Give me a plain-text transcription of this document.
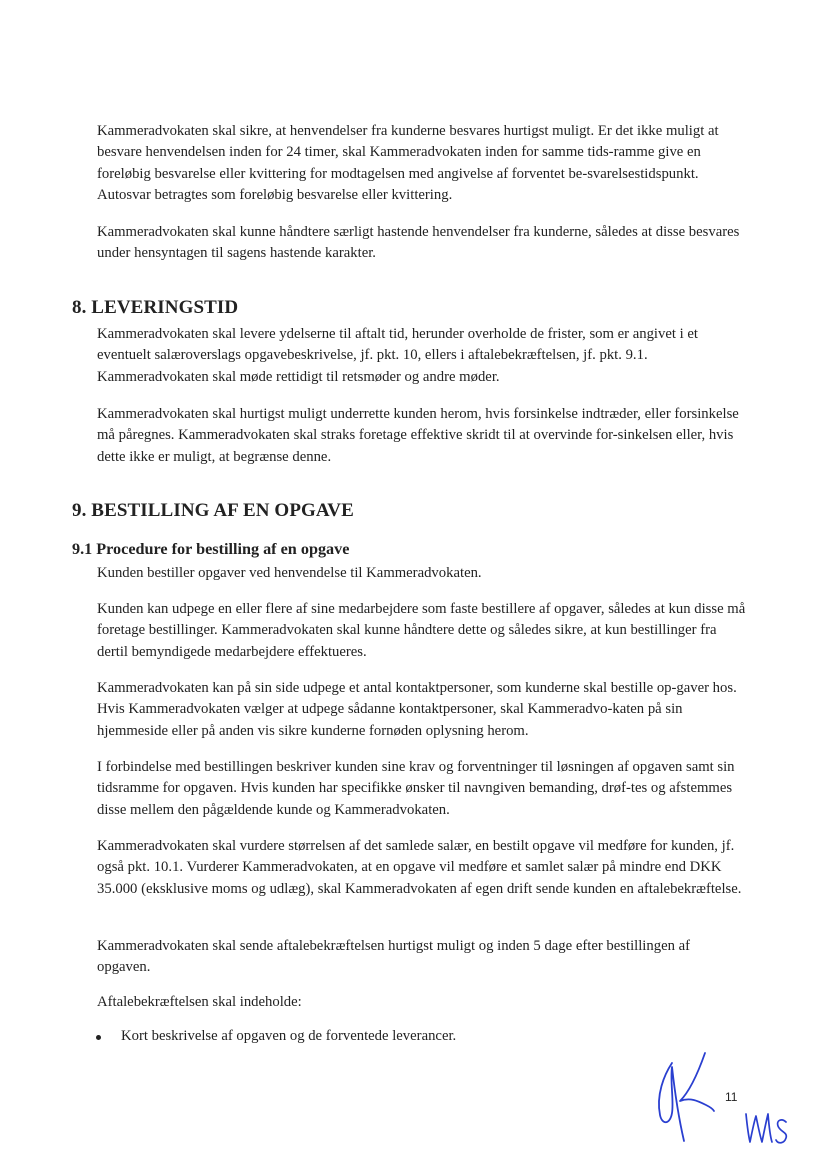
Kammeradvokaten skal sikre, at henvendelser fra kunderne besvares hurtigst muligt. Er det ikke muligt at besvare henvendelsen inden for 24 timer, skal Kammeradvokaten inden for samme tids-ramme give en foreløbig besvarelse eller kvittering for modtagelsen med angivelse af forventet be-svarelsestidspunkt. Autosvar betragtes som foreløbig besvarelse eller kvittering.

Kammeradvokaten skal kunne håndtere særligt hastende henvendelser fra kunderne, således at disse besvares under hensyntagen til sagens hastende karakter.

8. LEVERINGSTID

Kammeradvokaten skal levere ydelserne til aftalt tid, herunder overholde de frister, som er angivet i et eventuelt salæroverslags opgavebeskrivelse, jf. pkt. 10, ellers i aftalebekræftelsen, jf. pkt. 9.1. Kammeradvokaten skal møde rettidigt til retsmøder og andre møder.

Kammeradvokaten skal hurtigst muligt underrette kunden herom, hvis forsinkelse indtræder, eller forsinkelse må påregnes. Kammeradvokaten skal straks foretage effektive skridt til at overvinde for-sinkelsen eller, hvis dette ikke er muligt, at begrænse denne.

9. BESTILLING AF EN OPGAVE
9.1 Procedure for bestilling af en opgave

Kunden bestiller opgaver ved henvendelse til Kammeradvokaten.

Kunden kan udpege en eller flere af sine medarbejdere som faste bestillere af opgaver, således at kun disse må foretage bestillinger. Kammeradvokaten skal kunne håndtere dette og således sikre, at kun bestillinger fra dertil bemyndigede medarbejdere effektueres.

Kammeradvokaten kan på sin side udpege et antal kontaktpersoner, som kunderne skal bestille op-gaver hos. Hvis Kammeradvokaten vælger at udpege sådanne kontaktpersoner, skal Kammeradvo-katen på sin hjemmeside eller på anden vis sikre kunderne fornøden oplysning herom.

I forbindelse med bestillingen beskriver kunden sine krav og forventninger til løsningen af opgaven samt sin tidsramme for opgaven. Hvis kunden har specifikke ønsker til navngiven bemanding, drøf-tes og afstemmes disse mellem den pågældende kunde og Kammeradvokaten.

Kammeradvokaten skal vurdere størrelsen af det samlede salær, en bestilt opgave vil medføre for kunden, jf. også pkt. 10.1. Vurderer Kammeradvokaten, at en opgave vil medføre et samlet salær på mindre end DKK 35.000 (eksklusive moms og udlæg), skal Kammeradvokaten af egen drift sende kunden en aftalebekræftelse.

Kammeradvokaten skal sende aftalebekræftelsen hurtigst muligt og inden 5 dage efter bestillingen af opgaven.

Aftalebekræftelsen skal indeholde:

Kort beskrivelse af opgaven og de forventede leverancer.

11
